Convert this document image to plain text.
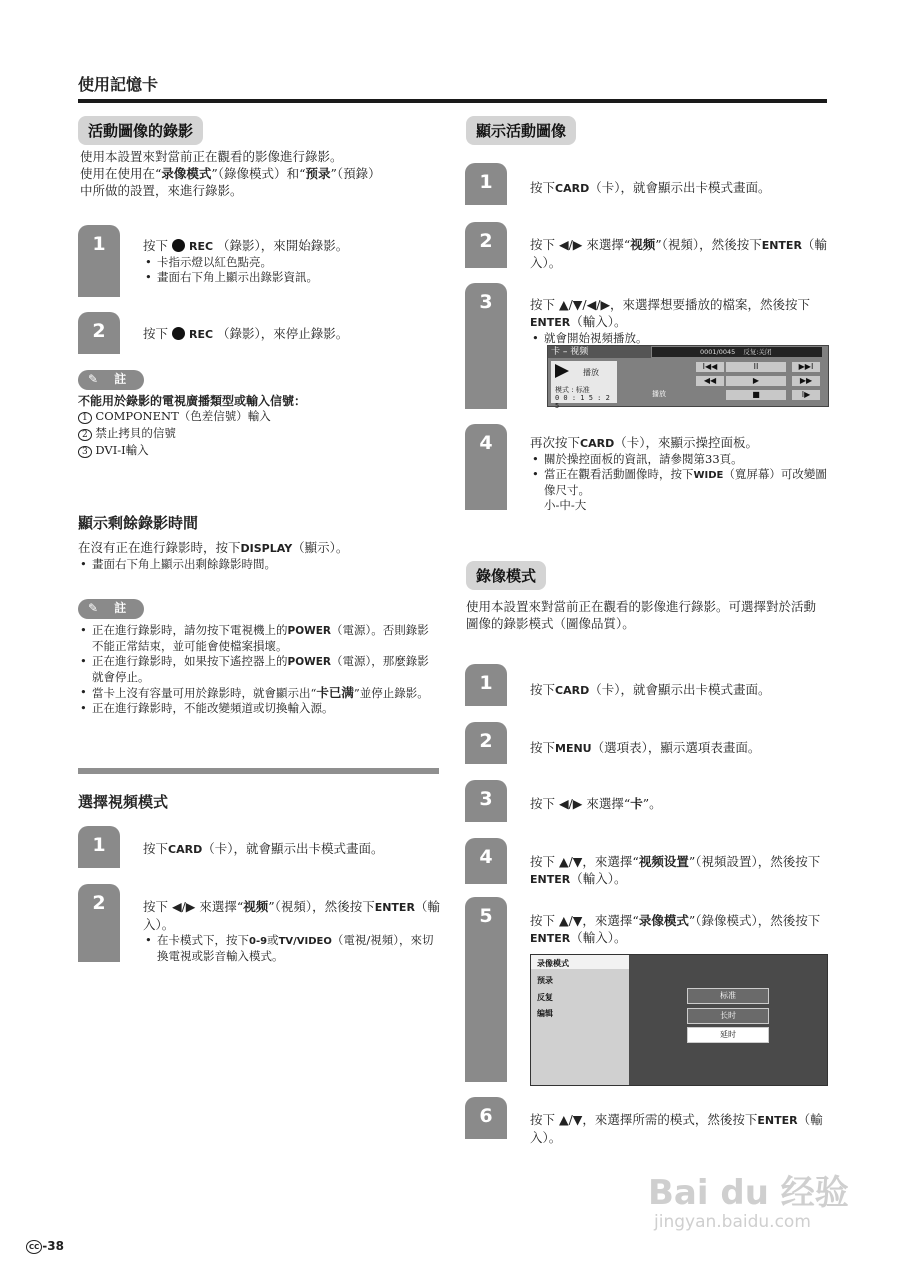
使用記憶卡
活動圖像的錄影
使用本設置來對當前正在觀看的影像進行錄影。
使用在使用在“录像模式”（錄像模式）和“预录”（預錄）
中所做的設置，來進行錄影。
1	按下 REC （錄影），來開始錄影。
• 卡指示燈以紅色點亮。
• 畫面右下角上顯示出錄影資訊。
2	按下 REC （錄影），來停止錄影。
✎ 註
不能用於錄影的電視廣播類型或輸入信號：
1 COMPONENT（色差信號）輸入
2 禁止拷貝的信號
3 DVI-I輸入
顯示剩餘錄影時間
在沒有正在進行錄影時，按下DISPLAY（顯示）。
• 畫面右下角上顯示出剩餘錄影時間。
✎ 註
• 正在進行錄影時，請勿按下電視機上的POWER（電源）。否則錄影不能正常結束，並可能會使檔案損壞。
• 正在進行錄影時，如果按下遙控器上的POWER（電源），那麼錄影就會停止。
• 當卡上沒有容量可用於錄影時，就會顯示出“卡已满”並停止錄影。
• 正在進行錄影時，不能改變頻道或切換輸入源。
選擇視頻模式
1	按下CARD（卡），就會顯示出卡模式畫面。
2	按下 ◀/▶ 來選擇“视频”（視頻），然後按下ENTER（輸入）。
• 在卡模式下，按下0-9或TV/VIDEO（電視/視頻），來切換電視或影音輸入模式。
顯示活動圖像
1	按下CARD（卡），就會顯示出卡模式畫面。
2	按下 ◀/▶ 來選擇“视频”（視頻），然後按下ENTER（輸入）。
3	按下 ▲/▼/◀/▶，來選擇想要播放的檔案，然後按下ENTER（輸入）。
• 就會開始視頻播放。
卡 – 视频	0001/0045 反复:关闭
播放
模式 : 标准
0 0 : 1 5 : 2 5
播放
I◀◀	II	▶▶I
◀◀	▶	▶▶
■	I▶
4	再次按下CARD（卡），來顯示操控面板。
• 關於操控面板的資訊，請參閱第33頁。
• 當正在觀看活動圖像時，按下WIDE（寬屏幕）可改變圖像尺寸。
小-中-大
錄像模式
使用本設置來對當前正在觀看的影像進行錄影。可選擇對於活動圖像的錄影模式（圖像品質）。
1	按下CARD（卡），就會顯示出卡模式畫面。
2	按下MENU（選項表），顯示選項表畫面。
3	按下 ◀/▶ 來選擇“卡”。
4	按下 ▲/▼，來選擇“视频设置”（視頻設置），然後按下ENTER（輸入）。
5	按下 ▲/▼，來選擇“录像模式”（錄像模式），然後按下ENTER（輸入）。
录像模式
预录
反复
编辑
标准
长时
延时
6	按下 ▲/▼，來選擇所需的模式，然後按下ENTER（輸入）。
CC -38
Bai du 经验
jingyan.baidu.com
